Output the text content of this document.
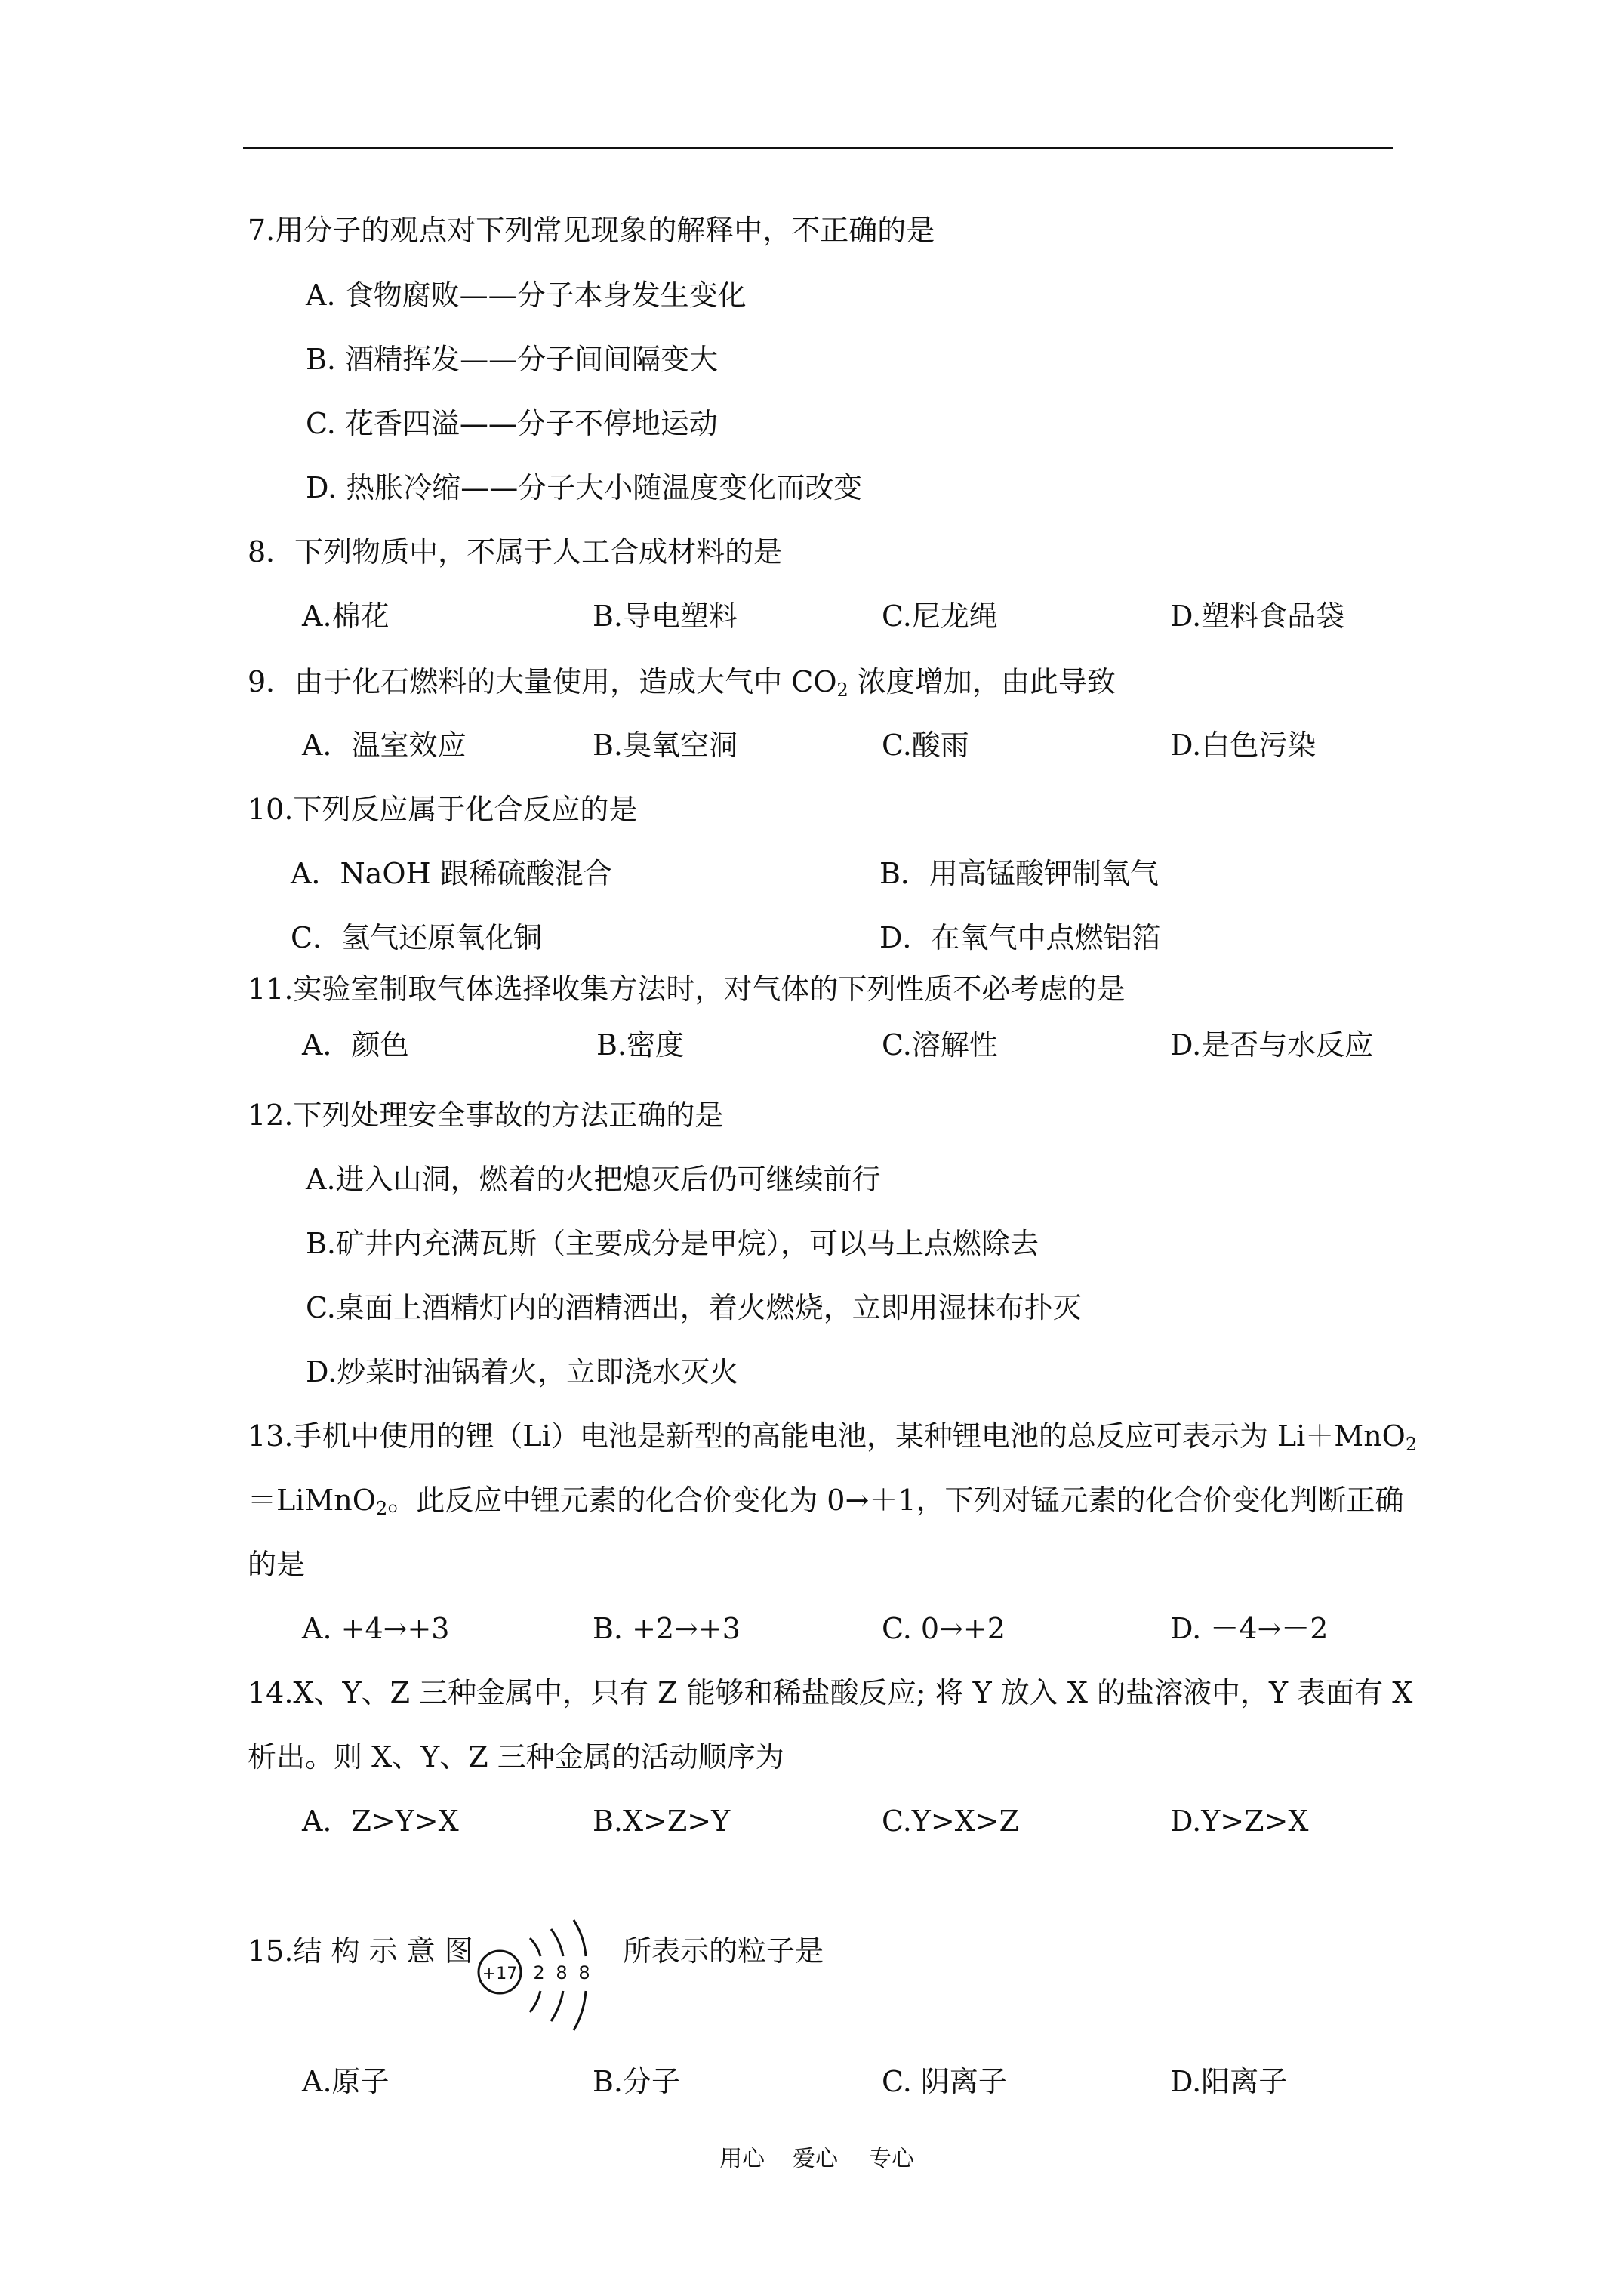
7.用分子的观点对下列常见现象的解释中，不正确的是
A. 食物腐败——分子本身发生变化
B. 酒精挥发——分子间间隔变大
C. 花香四溢——分子不停地运动
D. 热胀冷缩——分子大小随温度变化而改变
8．下列物质中，不属于人工合成材料的是
A.棉花	B.导电塑料	C.尼龙绳	D.塑料食品袋
9．由于化石燃料的大量使用，造成大气中 $CO_2$ 浓度增加，由此导致
A．温室效应	B.臭氧空洞	C.酸雨	D.白色污染
10.下列反应属于化合反应的是
A．NaOH 跟稀硫酸混合	B．用高锰酸钾制氧气
C．氢气还原氧化铜	D．在氧气中点燃铝箔
11.实验室制取气体选择收集方法时，对气体的下列性质不必考虑的是
A．颜色	B.密度	C.溶解性	D.是否与水反应
12.下列处理安全事故的方法正确的是
A.进入山洞，燃着的火把熄灭后仍可继续前行
B.矿井内充满瓦斯（主要成分是甲烷），可以马上点燃除去
C.桌面上酒精灯内的酒精洒出，着火燃烧，立即用湿抹布扑灭
D.炒菜时油锅着火，立即浇水灭火
13.手机中使用的锂（Li）电池是新型的高能电池，某种锂电池的总反应可表示为 Li＋MnO$_2$
＝LiMnO$_2$。此反应中锂元素的化合价变化为 0→＋1，下列对锰元素的化合价变化判断正确
的是
A. +4→+3	B. +2→+3	C. 0→+2	D. －4→－2
14.X、Y、Z 三种金属中，只有 Z 能够和稀盐酸反应; 将 Y 放入 X 的盐溶液中，Y 表面有 X
析出。则 X、Y、Z 三种金属的活动顺序为
A．Z>Y>X	B.X>Z>Y	C.Y>X>Z	D.Y>Z>X
15.结 构 示 意 图
+17 2 8 8
所表示的粒子是
A.原子	B.分子	C. 阴离子	D.阳离子
用心 爱心 专心
